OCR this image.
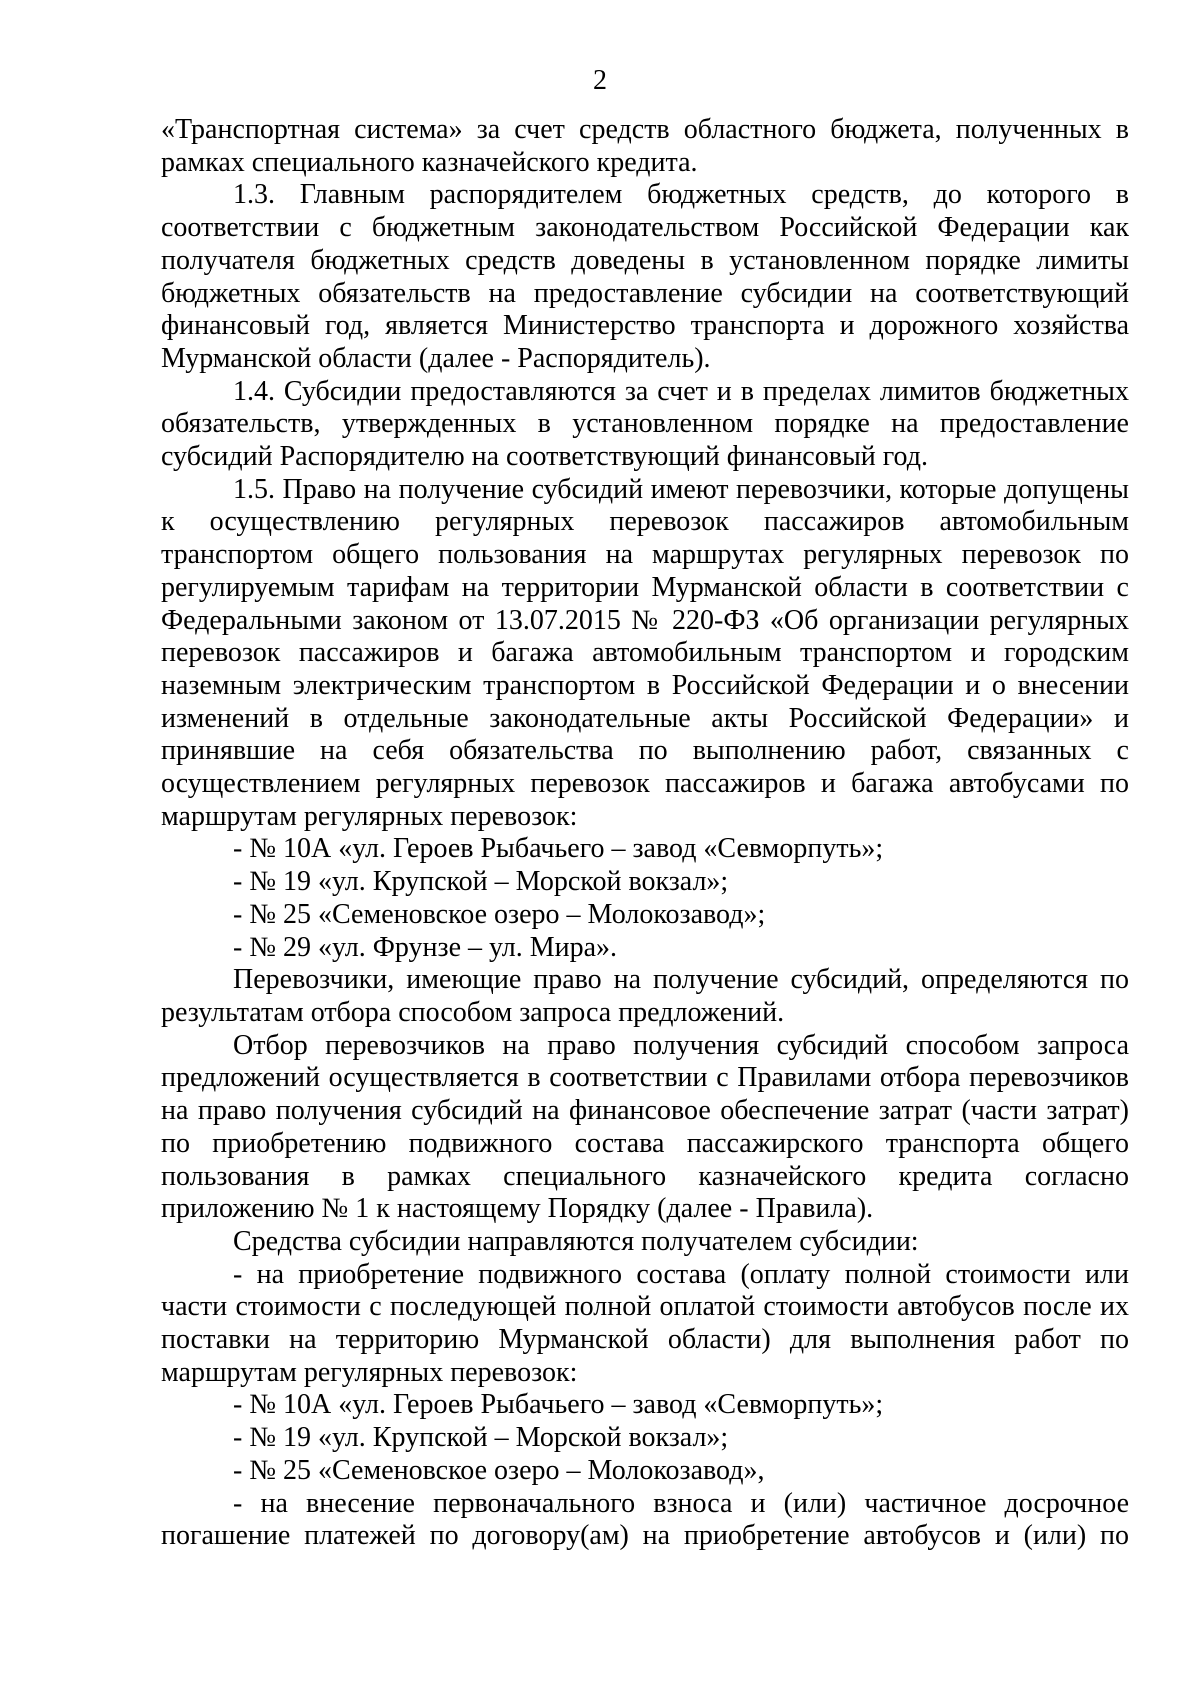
2

«Транспортная система» за счет средств областного бюджета, полученных в рамках специального казначейского кредита.

1.3. Главным распорядителем бюджетных средств, до которого в соответствии с бюджетным законодательством Российской Федерации как получателя бюджетных средств доведены в установленном порядке лимиты бюджетных обязательств на предоставление субсидии на соответствующий финансовый год, является Министерство транспорта и дорожного хозяйства Мурманской области (далее - Распорядитель).

1.4. Субсидии предоставляются за счет и в пределах лимитов бюджетных обязательств, утвержденных в установленном порядке на предоставление субсидий Распорядителю на соответствующий финансовый год.

1.5. Право на получение субсидий имеют перевозчики, которые допущены к осуществлению регулярных перевозок пассажиров автомобильным транспортом общего пользования на маршрутах регулярных перевозок по регулируемым тарифам на территории Мурманской области в соответствии с Федеральными законом от 13.07.2015 № 220-ФЗ «Об организации регулярных перевозок пассажиров и багажа автомобильным транспортом и городским наземным электрическим транспортом в Российской Федерации и о внесении изменений в отдельные законодательные акты Российской Федерации» и принявшие на себя обязательства по выполнению работ, связанных с осуществлением регулярных перевозок пассажиров и багажа автобусами по маршрутам регулярных перевозок:

- № 10А «ул. Героев Рыбачьего – завод «Севморпуть»;

- № 19 «ул. Крупской – Морской вокзал»;

- № 25 «Семеновское озеро – Молокозавод»;

- № 29 «ул. Фрунзе – ул. Мира».

Перевозчики, имеющие право на получение субсидий, определяются по результатам отбора способом запроса предложений.

Отбор перевозчиков на право получения субсидий способом запроса предложений осуществляется в соответствии с Правилами отбора перевозчиков на право получения субсидий на финансовое обеспечение затрат (части затрат) по приобретению подвижного состава пассажирского транспорта общего пользования в рамках специального казначейского кредита согласно приложению № 1 к настоящему Порядку (далее - Правила).

Средства субсидии направляются получателем субсидии:

- на приобретение подвижного состава (оплату полной стоимости или части стоимости с последующей полной оплатой стоимости автобусов после их поставки на территорию Мурманской области) для выполнения работ по маршрутам регулярных перевозок:

- № 10А «ул. Героев Рыбачьего – завод «Севморпуть»;

- № 19 «ул. Крупской – Морской вокзал»;

- № 25 «Семеновское озеро – Молокозавод»,

- на внесение первоначального взноса и (или) частичное досрочное погашение платежей по договору(ам) на приобретение автобусов и (или) по
